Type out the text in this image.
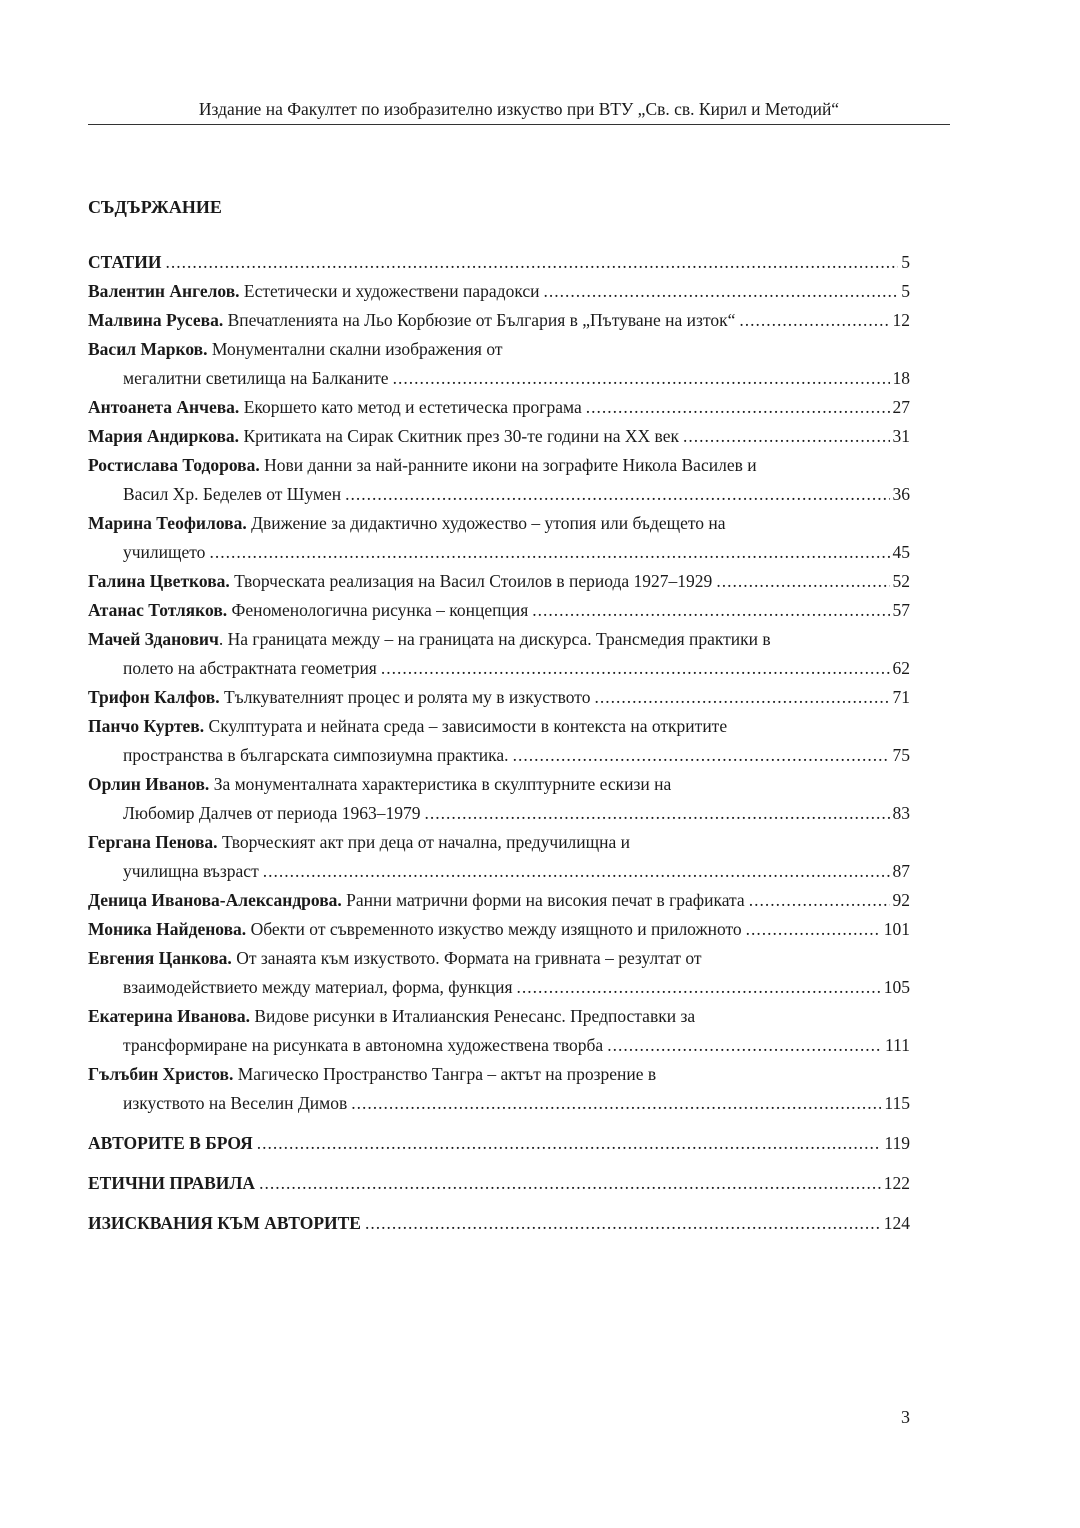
Издание на Факултет по изобразително изкуство при ВТУ „Св. св. Кирил и Методий“
СЪДЪРЖАНИЕ
СТАТИИ .....	5
Валентин Ангелов. Естетически и художествени парадокси .....	5
Малвина Русева. Впечатленията на Льо Корбюзие от България в „Пътуване на изток“ .....	12
Васил Марков. Монументални скални изображения от
мегалитни светилища на Балканите .....	18
Антоанета Анчева. Екоршето като метод и естетическа програма .....	27
Мария Андиркова. Критиката на Сирак Скитник през 30-те години на ХХ век .....	31
Ростислава Тодорова. Нови данни за най-ранните икони на зографите Никола Василев и
Васил Хр. Беделев от Шумен .....	36
Марина Теофилова. Движение за дидактично художество – утопия или бъдещето на
училището .....	45
Галина Цветкова. Творческата реализация на Васил Стоилов в периода 1927–1929 .....	52
Атанас Тотляков. Феноменологична рисунка – концепция .....	57
Мачей Зданович. На границата между – на границата на дискурса. Трансмедия практики в
полето на абстрактната геометрия .....	62
Трифон Калфов. Тълкувателният процес и ролята му в изкуството .....	71
Панчо Куртев. Скулптурата и нейната среда – зависимости в контекста на откритите
пространства в българската симпозиумна практика. .....	75
Орлин Иванов. За монументалната характеристика в скулптурните ескизи на
Любомир Далчев от периода 1963–1979 .....	83
Гергана Пенова. Творческият акт при деца от начална, предучилищна и
училищна възраст .....	87
Деница Иванова-Александрова. Ранни матрични форми на високия печат в графиката .....	92
Моника Найденова. Обекти от съвременното изкуство между изящното и приложното .....	101
Евгения Цанкова. От занаята към изкуството. Формата на гривната – резултат от
взаимодействието между материал, форма, функция .....	105
Екатерина Иванова. Видове рисунки в Италианския Ренесанс. Предпоставки за
трансформиране на рисунката в автономна художествена творба .....	111
Гълъбин Христов. Магическо Пространство Тангра – актът на прозрение в
изкуството на Веселин Димов .....	115
АВТОРИТЕ В БРОЯ .....	119
ЕТИЧНИ ПРАВИЛА .....	122
ИЗИСКВАНИЯ КЪМ АВТОРИТЕ .....	124
3
